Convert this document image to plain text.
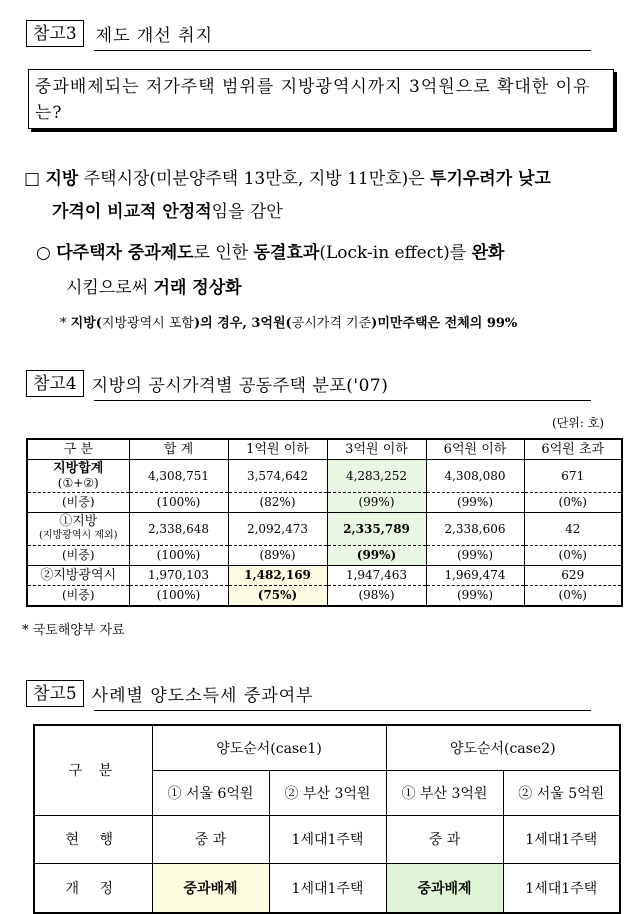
참고3	제도 개선 취지
중과배제되는 저가주택 범위를 지방광역시까지 3억원으로 확대한 이유는?
□ 지방 주택시장(미분양주택 13만호, 지방 11만호)은 투기우려가 낮고
가격이 비교적 안정적임을 감안
○ 다주택자 중과제도로 인한 동결효과(Lock-in effect)를 완화
시킴으로써 거래 정상화
* 지방(지방광역시 포함)의 경우, 3억원(공시가격 기준)미만주택은 전체의 99%
참고4 지방의 공시가격별 공동주택 분포('07)
(단위: 호)
구 분	합 계	1억원 이하	3억원 이하	6억원 이하	6억원 초과

지방합계
(①+②)	4,308,751	3,574,642	4,283,252	4,308,080	671
(비중)	(100%)	(82%)	(99%)	(99%)	(0%)

①지방
(지방광역시 제외)	2,338,648	2,092,473	2,335,789	2,338,606	42
(비중)	(100%)	(89%)	(99%)	(99%)	(0%)
②지방광역시	1,970,103	1,482,169	1,947,463	1,969,474	629
(비중)	(100%)	(75%)	(98%)	(99%)	(0%)
* 국토해양부 자료
참고5 사례별 양도소득세 중과여부
구 분	양도순서(case1)		양도순서(case2)	
	① 서울 6억원	② 부산 3억원	① 부산 3억원	② 서울 5억원
현 행	중 과	1세대1주택	중 과	1세대1주택
개 정	중과배제	1세대1주택	중과배제	1세대1주택
